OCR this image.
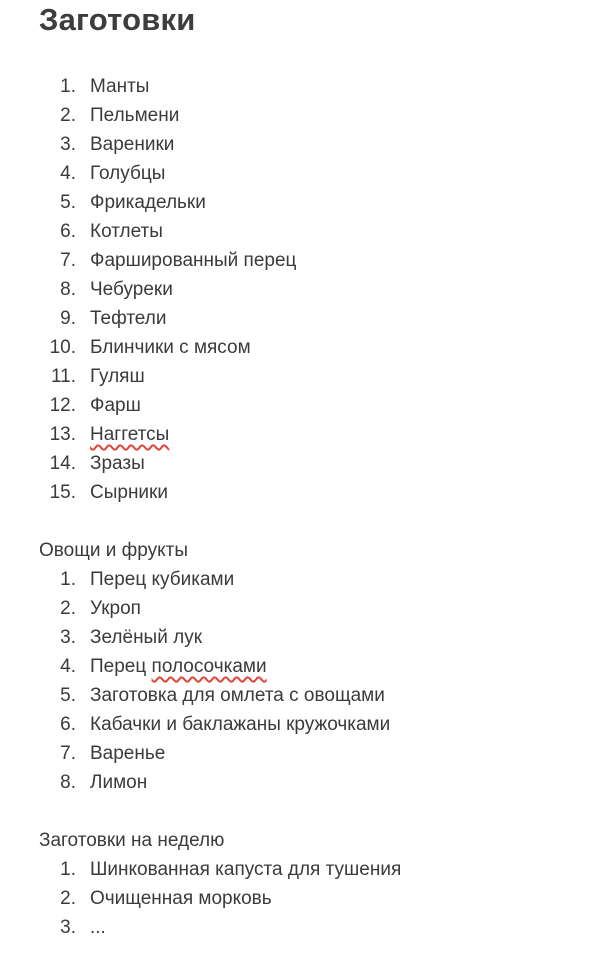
Заготовки
1. Манты
2. Пельмени
3. Вареники
4. Голубцы
5. Фрикадельки
6. Котлеты
7. Фаршированный перец
8. Чебуреки
9. Тефтели
10. Блинчики с мясом
11. Гуляш
12. Фарш
13. Наггетсы
14. Зразы
15. Сырники
Овощи и фрукты
1. Перец кубиками
2. Укроп
3. Зелёный лук
4. Перец полосочками
5. Заготовка для омлета с овощами
6. Кабачки и баклажаны кружочками
7. Варенье
8. Лимон
Заготовки на неделю
1. Шинкованная капуста для тушения
2. Очищенная морковь
3. ...
